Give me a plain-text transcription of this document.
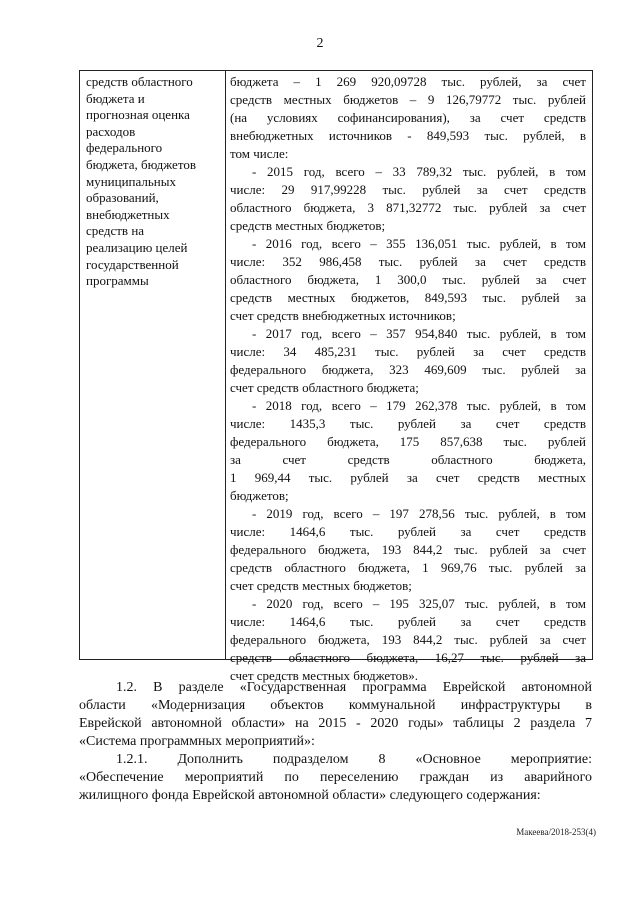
2
средств областного
бюджета и
прогнозная оценка
расходов
федерального
бюджета, бюджетов
муниципальных
образований,
внебюджетных
средств на
реализацию целей
государственной
программы
бюджета – 1 269 920,09728 тыс. рублей, за счет
средств местных бюджетов – 9 126,79772 тыс. рублей
(на условиях софинансирования), за счет средств
внебюджетных источников - 849,593 тыс. рублей, в
том числе:
- 2015 год, всего – 33 789,32 тыс. рублей, в том
числе: 29 917,99228 тыс. рублей за счет средств
областного бюджета, 3 871,32772 тыс. рублей за счет
средств местных бюджетов;
- 2016 год, всего – 355 136,051 тыс. рублей, в том
числе: 352 986,458 тыс. рублей за счет средств
областного бюджета, 1 300,0 тыс. рублей за счет
средств местных бюджетов, 849,593 тыс. рублей за
счет средств внебюджетных источников;
- 2017 год, всего – 357 954,840 тыс. рублей, в том
числе: 34 485,231 тыс. рублей за счет средств
федерального бюджета, 323 469,609 тыс. рублей за
счет средств областного бюджета;
- 2018 год, всего – 179 262,378 тыс. рублей, в том
числе: 1435,3 тыс. рублей за счет средств
федерального бюджета, 175 857,638 тыс. рублей
за счет средств областного бюджета,
1 969,44 тыс. рублей за счет средств местных
бюджетов;
- 2019 год, всего – 197 278,56 тыс. рублей, в том
числе: 1464,6 тыс. рублей за счет средств
федерального бюджета, 193 844,2 тыс. рублей за счет
средств областного бюджета, 1 969,76 тыс. рублей за
счет средств местных бюджетов;
- 2020 год, всего – 195 325,07 тыс. рублей, в том
числе: 1464,6 тыс. рублей за счет средств
федерального бюджета, 193 844,2 тыс. рублей за счет
средств областного бюджета, 16,27 тыс. рублей за
счет средств местных бюджетов».
1.2. В разделе «Государственная программа Еврейской автономной
области «Модернизация объектов коммунальной инфраструктуры в
Еврейской автономной области» на 2015 - 2020 годы» таблицы 2 раздела 7
«Система программных мероприятий»:
1.2.1. Дополнить подразделом 8 «Основное мероприятие:
«Обеспечение мероприятий по переселению граждан из аварийного
жилищного фонда Еврейской автономной области» следующего содержания:
Макеева/2018-253(4)
